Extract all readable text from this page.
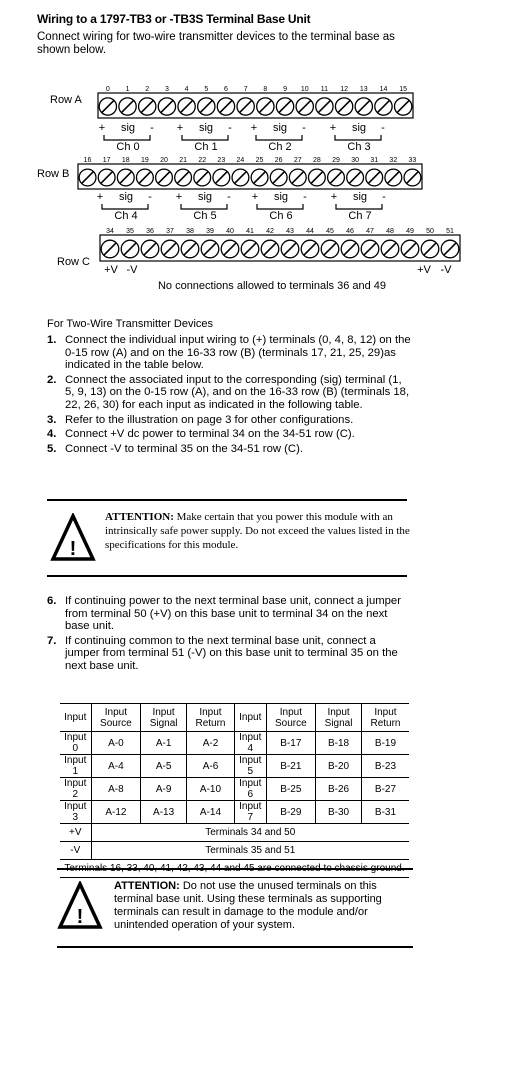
Wiring to a 1797-TB3 or -TB3S Terminal Base Unit
Connect wiring for two-wire transmitter devices to the terminal base as shown below.
0 1 2 3 4 5 6 7 8 9 10 11 12 13 14 15
Row A
16 17 18 19 20 21 22 23 24 25 26 27 28 29 30 31 32 33
Row B
34 35 36 37 38 39 40 41 42 43 44 45 46 47 48 49 50 51
Row C
+ sig -
Ch 0
+ sig -
Ch 1
+ sig -
Ch 2
+ sig -
Ch 3
+ sig -
Ch 4
+ sig -
Ch 5
+ sig -
Ch 6
+ sig -
Ch 7
+V -V	+V -V
No connections allowed to terminals 36 and 49
For Two-Wire Transmitter Devices
1. Connect the individual input wiring to (+) terminals (0, 4, 8, 12) on the 0-15 row (A) and on the 16-33 row (B) (terminals 17, 21, 25, 29)as indicated in the table below.
2. Connect the associated input to the corresponding (sig) terminal (1, 5, 9, 13) on the 0-15 row (A), and on the 16-33 row (B) (terminals 18, 22, 26, 30) for each input as indicated in the following table.
3. Refer to the illustration on page 3 for other configurations.
4. Connect +V dc power to terminal 34 on the 34-51 row (C).
5. Connect -V to terminal 35 on the 34-51 row (C).
!
ATTENTION: Make certain that you power this module with an intrinsically safe power supply. Do not exceed the values listed in the specifications for this module.
6. If continuing power to the next terminal base unit, connect a jumper from terminal 50 (+V) on this base unit to terminal 34 on the next base unit.
7. If continuing common to the next terminal base unit, connect a jumper from terminal 51 (-V) on this base unit to terminal 35 on the next base unit.
Input	Input Source	Input Signal	Input Return	Input	Input Source	Input Signal	Input Return
Input 0	A-0	A-1	A-2	Input 4	B-17	B-18	B-19
Input 1	A-4	A-5	A-6	Input 5	B-21	B-20	B-23
Input 2	A-8	A-9	A-10	Input 6	B-25	B-26	B-27
Input 3	A-12	A-13	A-14	Input 7	B-29	B-30	B-31
+V	Terminals 34 and 50						
-V	Terminals 35 and 51						
Terminals 16, 33, 40, 41, 42, 43, 44 and 45 are connected to chassis ground.							
!
ATTENTION: Do not use the unused terminals on this terminal base unit. Using these terminals as supporting terminals can result in damage to the module and/or unintended operation of your system.
